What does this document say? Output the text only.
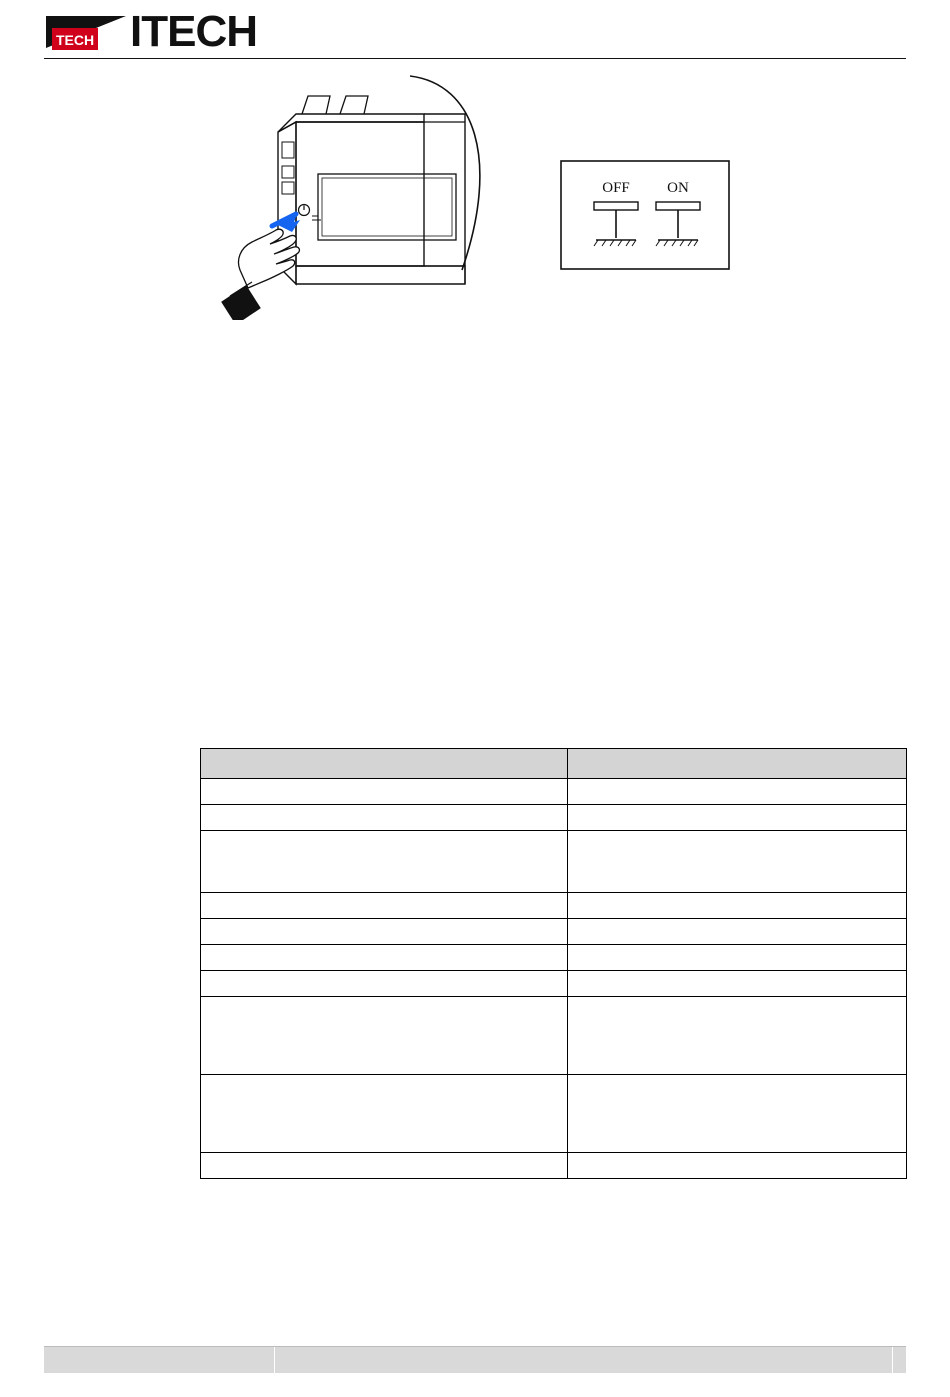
TECH ITECH
OFF ON
